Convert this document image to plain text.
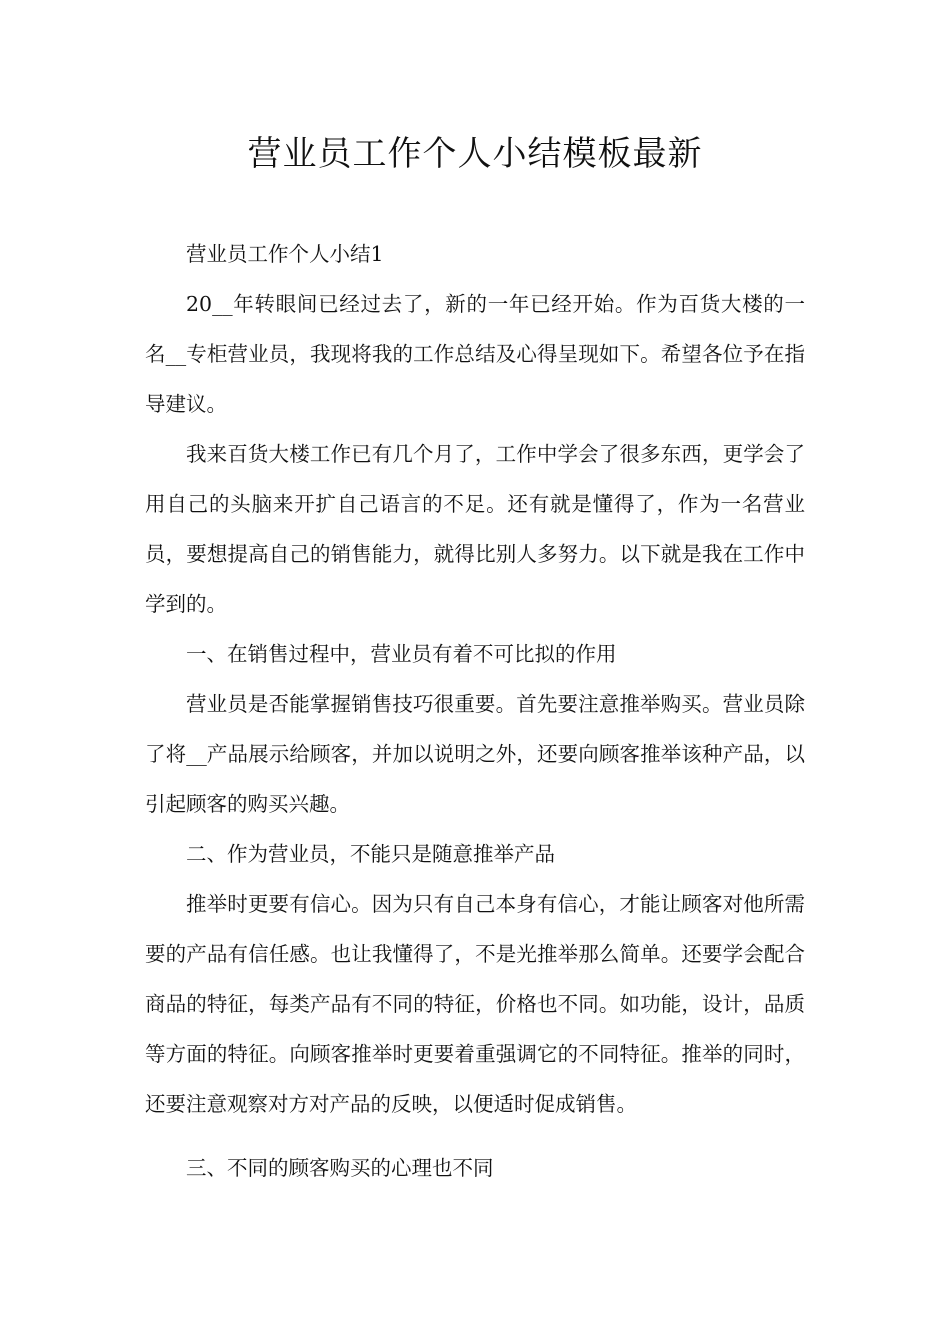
营业员工作个人小结模板最新

营业员工作个人小结1

20__年转眼间已经过去了，新的一年已经开始。作为百货大楼的一名__专柜营业员，我现将我的工作总结及心得呈现如下。希望各位予在指导建议。

我来百货大楼工作已有几个月了，工作中学会了很多东西，更学会了用自己的头脑来开扩自己语言的不足。还有就是懂得了，作为一名营业员，要想提高自己的销售能力，就得比别人多努力。以下就是我在工作中学到的。

一、在销售过程中，营业员有着不可比拟的作用

营业员是否能掌握销售技巧很重要。首先要注意推举购买。营业员除了将__产品展示给顾客，并加以说明之外，还要向顾客推举该种产品，以引起顾客的购买兴趣。

二、作为营业员，不能只是随意推举产品

推举时更要有信心。因为只有自己本身有信心，才能让顾客对他所需要的产品有信任感。也让我懂得了，不是光推举那么简单。还要学会配合商品的特征，每类产品有不同的特征，价格也不同。如功能，设计，品质等方面的特征。向顾客推举时更要着重强调它的不同特征。推举的同时，还要注意观察对方对产品的反映，以便适时促成销售。

三、不同的顾客购买的心理也不同
